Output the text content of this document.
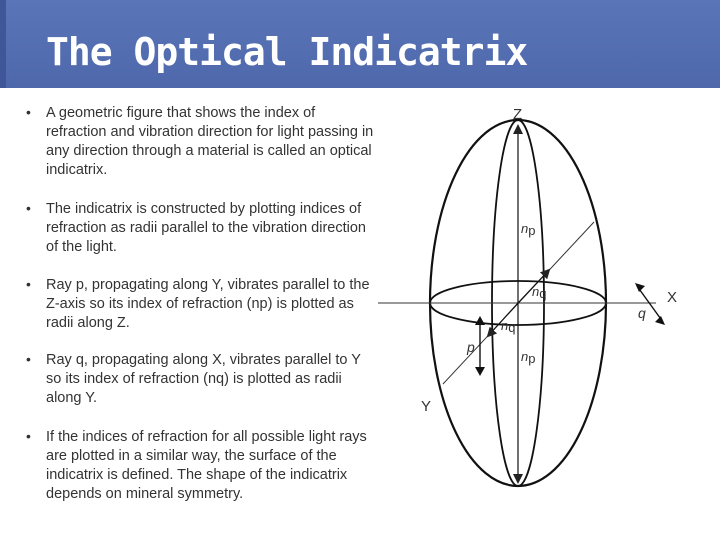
The Optical Indicatrix
• A geometric figure that shows the index of refraction and vibration direction for light passing in any direction through a material is called an optical indicatrix.
• The indicatrix is constructed by plotting indices of refraction as radii parallel to the vibration direction of the light.
• Ray p, propagating along Y, vibrates parallel to the Z-axis so its index of refraction (np) is plotted as radii along Z.
• Ray q, propagating along X, vibrates parallel to Y so its index of refraction (nq) is plotted as radii along Y.
• If the indices of refraction for all possible light rays are plotted in a similar way, the surface of the indicatrix is defined. The shape of the indicatrix depends on mineral symmetry.
Z
X
Y
np
np
nq
nq
p
q
